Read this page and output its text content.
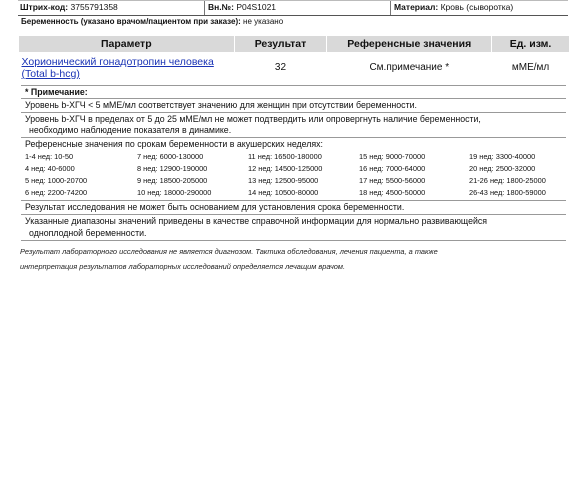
Штрих-код: 3755791358	Вн.№: P04S1021	Материал: Кровь (сыворотка)
Беременность (указано врачом/пациентом при заказе): не указано
Параметр	Результат	Референсные значения	Ед. изм.

Хорионический гонадотропин человека
(Total b-hcg)	32	См.примечание *	мМЕ/мл
* Примечание:
Уровень b-ХГЧ < 5 мМЕ/мл соответствует значению для женщин при отсутствии беременности.
Уровень b-ХГЧ в пределах от 5 до 25 мМЕ/мл не может подтвердить или опровергнуть наличие беременности,
необходимо наблюдение показателя в динамике.
Референсные значения по срокам беременности в акушерских неделях:
1-4 нед: 10-50	7 нед: 6000-130000	11 нед: 16500-180000	15 нед: 9000-70000	19 нед: 3300-40000
4 нед: 40-6000	8 нед: 12900-190000	12 нед: 14500-125000	16 нед: 7000-64000	20 нед: 2500-32000
5 нед: 1000-20700	9 нед: 18500-205000	13 нед: 12500-95000	17 нед: 5500-56000	21-26 нед: 1800-25000
6 нед: 2200-74200	10 нед: 18000-290000	14 нед: 10500-80000	18 нед: 4500-50000	26-43 нед: 1800-59000
Результат исследования не может быть основанием для установления срока беременности.
Указанные диапазоны значений приведены в качестве справочной информации для нормально развивающейся
одноплодной беременности.
Результат лабораторного исследования не является диагнозом. Тактика обследования, лечения пациента, а также
интерпретация результатов лабораторных исследований определяется лечащим врачом.
